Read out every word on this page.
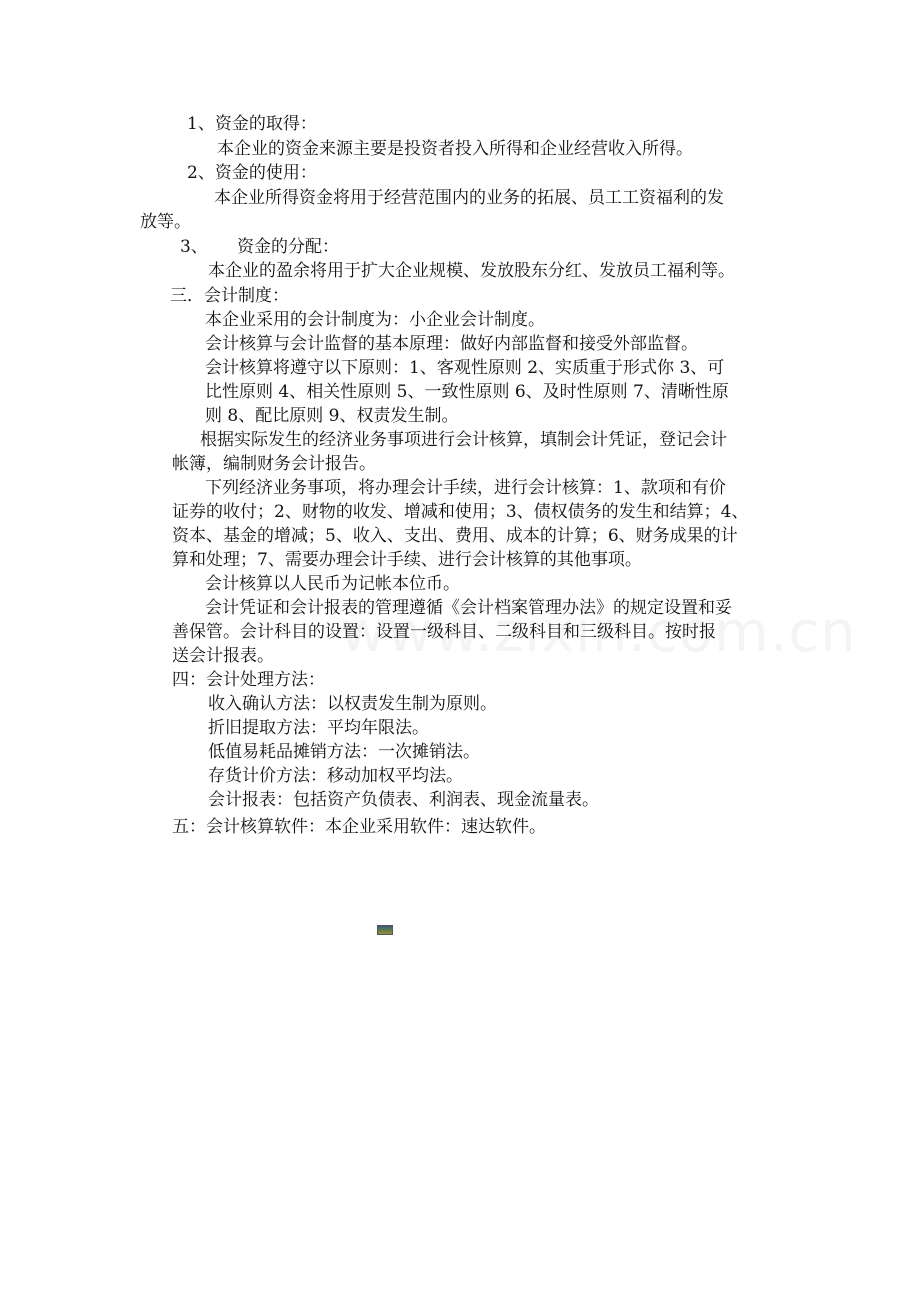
1、资金的取得：
本企业的资金来源主要是投资者投入所得和企业经营收入所得。
2、资金的使用：
本企业所得资金将用于经营范围内的业务的拓展、员工工资福利的发
放等。
3、 资金的分配：
本企业的盈余将用于扩大企业规模、发放股东分红、发放员工福利等。
三．会计制度：
本企业采用的会计制度为：小企业会计制度。
会计核算与会计监督的基本原理：做好内部监督和接受外部监督。
会计核算将遵守以下原则：1、客观性原则 2、实质重于形式你 3、可
比性原则 4、相关性原则 5、一致性原则 6、及时性原则 7、清晰性原
则 8、配比原则 9、权责发生制。
根据实际发生的经济业务事项进行会计核算，填制会计凭证，登记会计
帐簿，编制财务会计报告。
下列经济业务事项，将办理会计手续，进行会计核算：1、款项和有价
证券的收付；2、财物的收发、增减和使用；3、债权债务的发生和结算；4、
资本、基金的增减；5、收入、支出、费用、成本的计算；6、财务成果的计
算和处理；7、需要办理会计手续、进行会计核算的其他事项。
会计核算以人民币为记帐本位币。
会计凭证和会计报表的管理遵循《会计档案管理办法》的规定设置和妥
善保管。会计科目的设置：设置一级科目、二级科目和三级科目。按时报
送会计报表。
四：会计处理方法：
收入确认方法：以权责发生制为原则。
折旧提取方法：平均年限法。
低值易耗品摊销方法：一次摊销法。
存货计价方法：移动加权平均法。
会计报表：包括资产负债表、利润表、现金流量表。
五：会计核算软件：本企业采用软件：速达软件。
